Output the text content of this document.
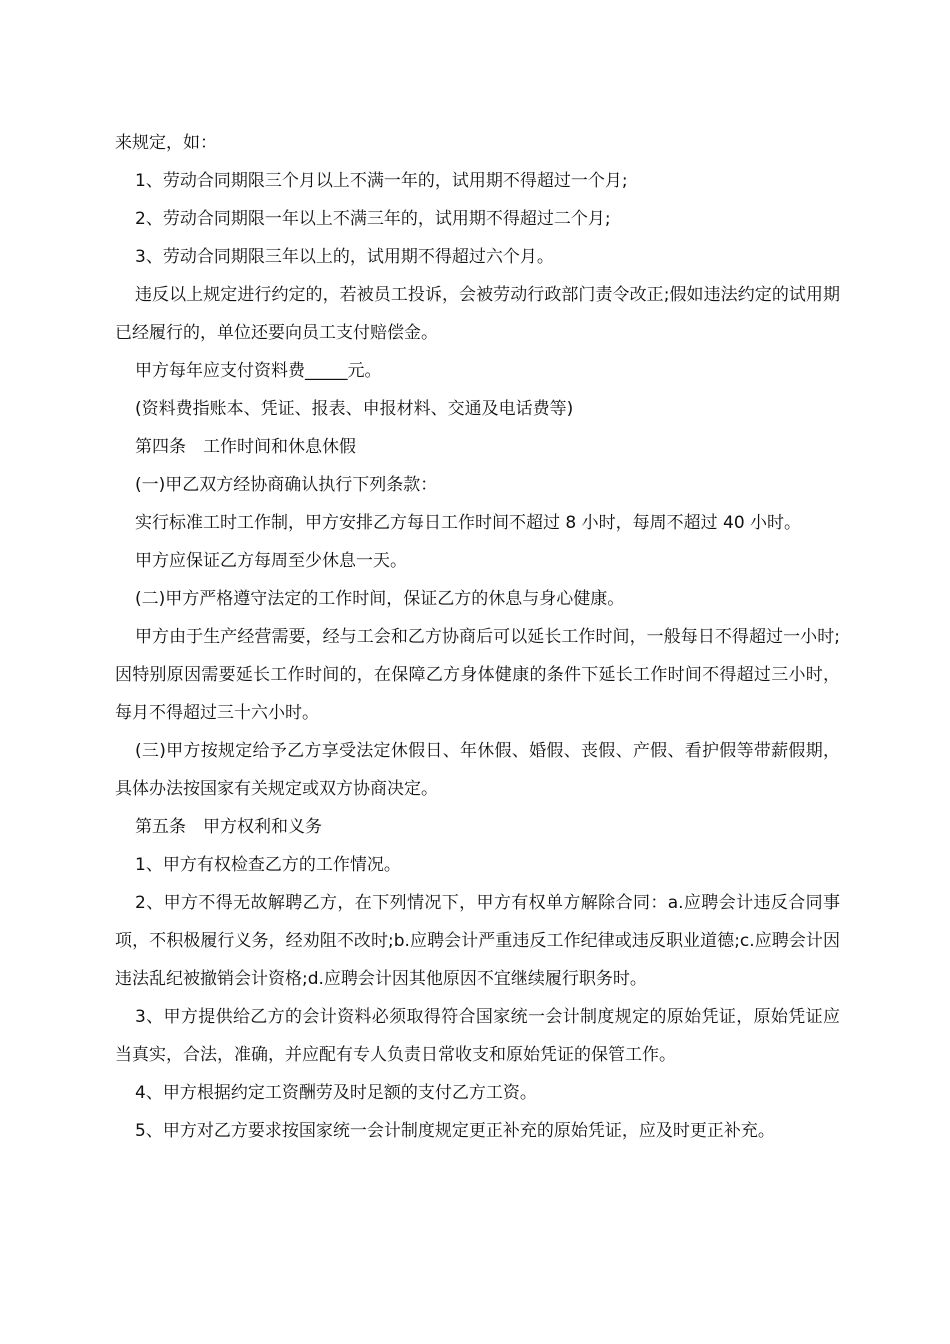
来规定，如：

1、劳动合同期限三个月以上不满一年的，试用期不得超过一个月;

2、劳动合同期限一年以上不满三年的，试用期不得超过二个月;

3、劳动合同期限三年以上的，试用期不得超过六个月。

违反以上规定进行约定的，若被员工投诉，会被劳动行政部门责令改正;假如违法约定的试用期已经履行的，单位还要向员工支付赔偿金。

甲方每年应支付资料费_____元。

(资料费指账本、凭证、报表、申报材料、交通及电话费等)

第四条　工作时间和休息休假

(一)甲乙双方经协商确认执行下列条款：

实行标准工时工作制，甲方安排乙方每日工作时间不超过 8 小时，每周不超过 40 小时。

甲方应保证乙方每周至少休息一天。

(二)甲方严格遵守法定的工作时间，保证乙方的休息与身心健康。

甲方由于生产经营需要，经与工会和乙方协商后可以延长工作时间，一般每日不得超过一小时;因特别原因需要延长工作时间的，在保障乙方身体健康的条件下延长工作时间不得超过三小时，每月不得超过三十六小时。

(三)甲方按规定给予乙方享受法定休假日、年休假、婚假、丧假、产假、看护假等带薪假期，具体办法按国家有关规定或双方协商决定。

第五条　甲方权利和义务

1、甲方有权检查乙方的工作情况。

2、甲方不得无故解聘乙方，在下列情况下，甲方有权单方解除合同：a.应聘会计违反合同事项，不积极履行义务，经劝阻不改时;b.应聘会计严重违反工作纪律或违反职业道德;c.应聘会计因违法乱纪被撤销会计资格;d.应聘会计因其他原因不宜继续履行职务时。

3、甲方提供给乙方的会计资料必须取得符合国家统一会计制度规定的原始凭证，原始凭证应当真实，合法，准确，并应配有专人负责日常收支和原始凭证的保管工作。

4、甲方根据约定工资酬劳及时足额的支付乙方工资。

5、甲方对乙方要求按国家统一会计制度规定更正补充的原始凭证，应及时更正补充。
